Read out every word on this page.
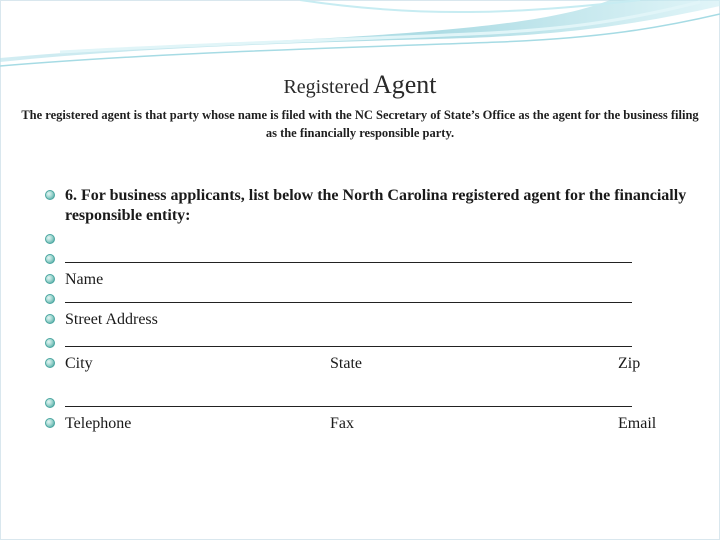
Registered Agent
The registered agent is that party whose name is filed with the NC Secretary of State’s Office as the agent for the business filing as the financially responsible party.
6. For business applicants, list below the North Carolina registered agent for the financially responsible entity:
Name
Street Address
City	State	Zip
Telephone	Fax	Email
